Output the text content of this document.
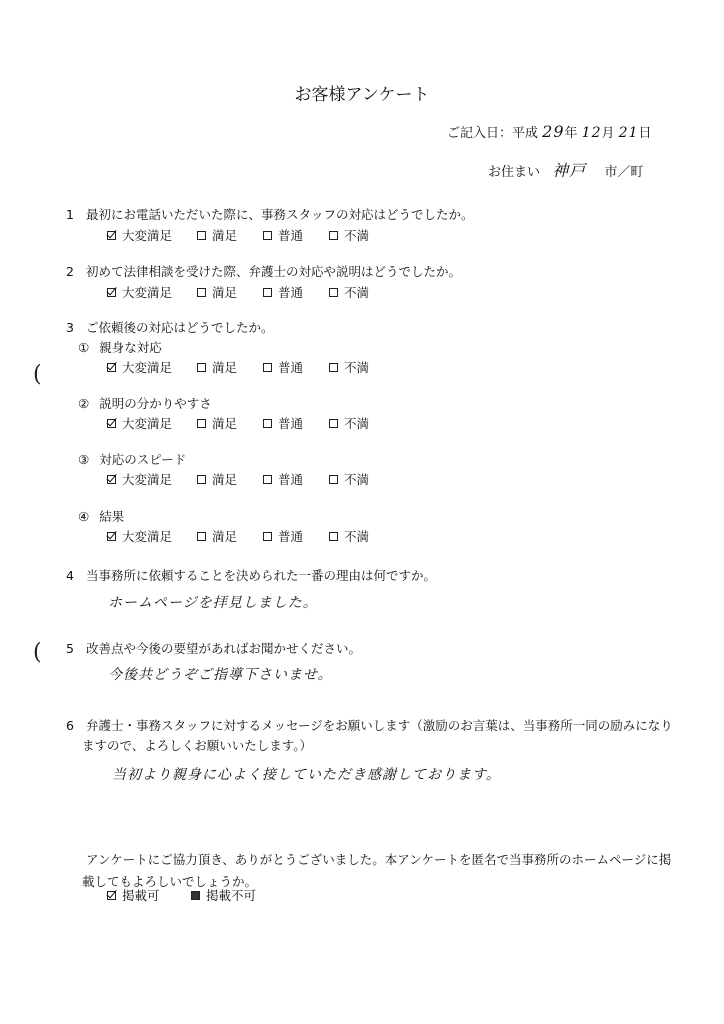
お客様アンケート
ご記入日：平成 29年 12月 21日
お住まい 神戸 市／町
(
(
1 最初にお電話いただいた際に、事務スタッフの対応はどうでしたか。
大変満足	満足	普通	不満
2 初めて法律相談を受けた際、弁護士の対応や説明はどうでしたか。
大変満足	満足	普通	不満
3 ご依頼後の対応はどうでしたか。
① 親身な対応
大変満足	満足	普通	不満
② 説明の分かりやすさ
大変満足	満足	普通	不満
③ 対応のスピード
大変満足	満足	普通	不満
④ 結果
大変満足	満足	普通	不満
4 当事務所に依頼することを決められた一番の理由は何ですか。
ホームページを拝見しました。
5 改善点や今後の要望があればお聞かせください。
今後共どうぞご指導下さいませ。
6 弁護士・事務スタッフに対するメッセージをお願いします（激励のお言葉は、当事務所一同の励みになり
ますので、よろしくお願いいたします。）
当初より親身に心よく接していただき感謝しております。
アンケートにご協力頂き、ありがとうございました。本アンケートを匿名で当事務所のホームページに掲
載してもよろしいでしょうか。
掲載可	掲載不可
